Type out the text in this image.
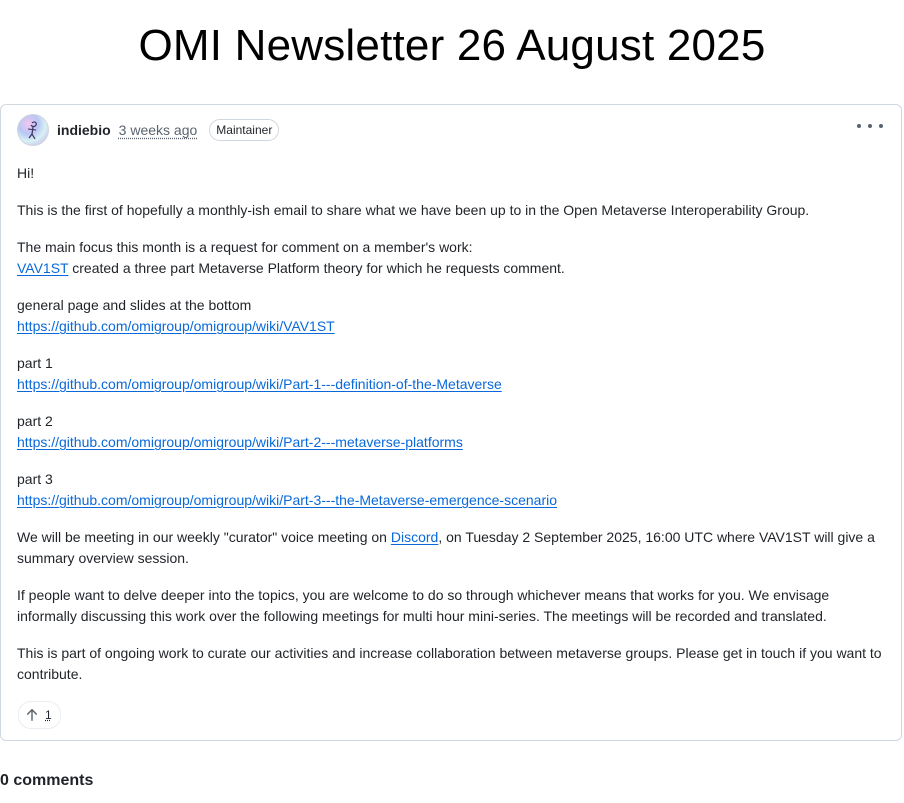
OMI Newsletter 26 August 2025
indiebio 3 weeks ago	Maintainer

Hi!

This is the first of hopefully a monthly-ish email to share what we have been up to in the Open Metaverse Interoperability Group.

The main focus this month is a request for comment on a member's work:
VAV1ST created a three part Metaverse Platform theory for which he requests comment.

general page and slides at the bottom
https://github.com/omigroup/omigroup/wiki/VAV1ST

part 1
https://github.com/omigroup/omigroup/wiki/Part-1---definition-of-the-Metaverse

part 2
https://github.com/omigroup/omigroup/wiki/Part-2---metaverse-platforms

part 3
https://github.com/omigroup/omigroup/wiki/Part-3---the-Metaverse-emergence-scenario

We will be meeting in our weekly "curator" voice meeting on Discord, on Tuesday 2 September 2025, 16:00 UTC where VAV1ST will give a summary overview session.

If people want to delve deeper into the topics, you are welcome to do so through whichever means that works for you. We envisage informally discussing this work over the following meetings for multi hour mini-series. The meetings will be recorded and translated.

This is part of ongoing work to curate our activities and increase collaboration between metaverse groups. Please get in touch if you want to contribute.

1
0 comments
